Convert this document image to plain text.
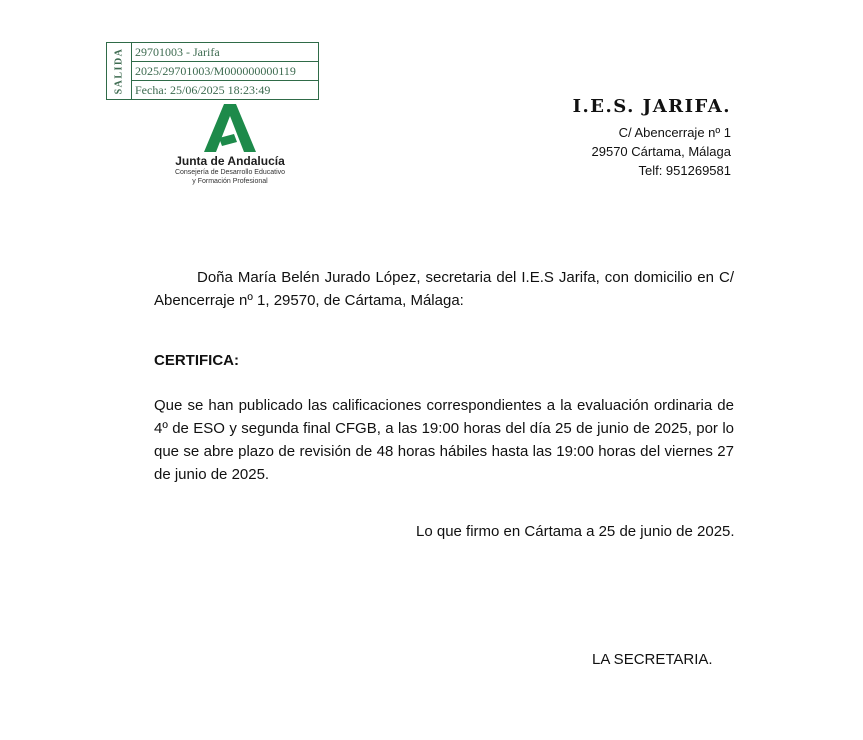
SALIDA 29701003 - Jarifa
2025/29701003/M000000000119
Fecha: 25/06/2025 18:23:49
Junta de Andalucía
Consejería de Desarrollo Educativo
y Formación Profesional
I.E.S. JARIFA.
C/ Abencerraje nº 1
29570 Cártama, Málaga
Telf: 951269581
Doña María Belén Jurado López, secretaria del I.E.S Jarifa, con domicilio en C/ Abencerraje nº 1, 29570, de Cártama, Málaga:
CERTIFICA:
Que se han publicado las calificaciones correspondientes a la evaluación ordinaria de 4º de ESO y segunda final CFGB, a las 19:00 horas del día 25 de junio de 2025, por lo que se abre plazo de revisión de 48 horas hábiles hasta las 19:00 horas del viernes 27 de junio de 2025.
Lo que firmo en Cártama a 25 de junio de 2025.
LA SECRETARIA.
